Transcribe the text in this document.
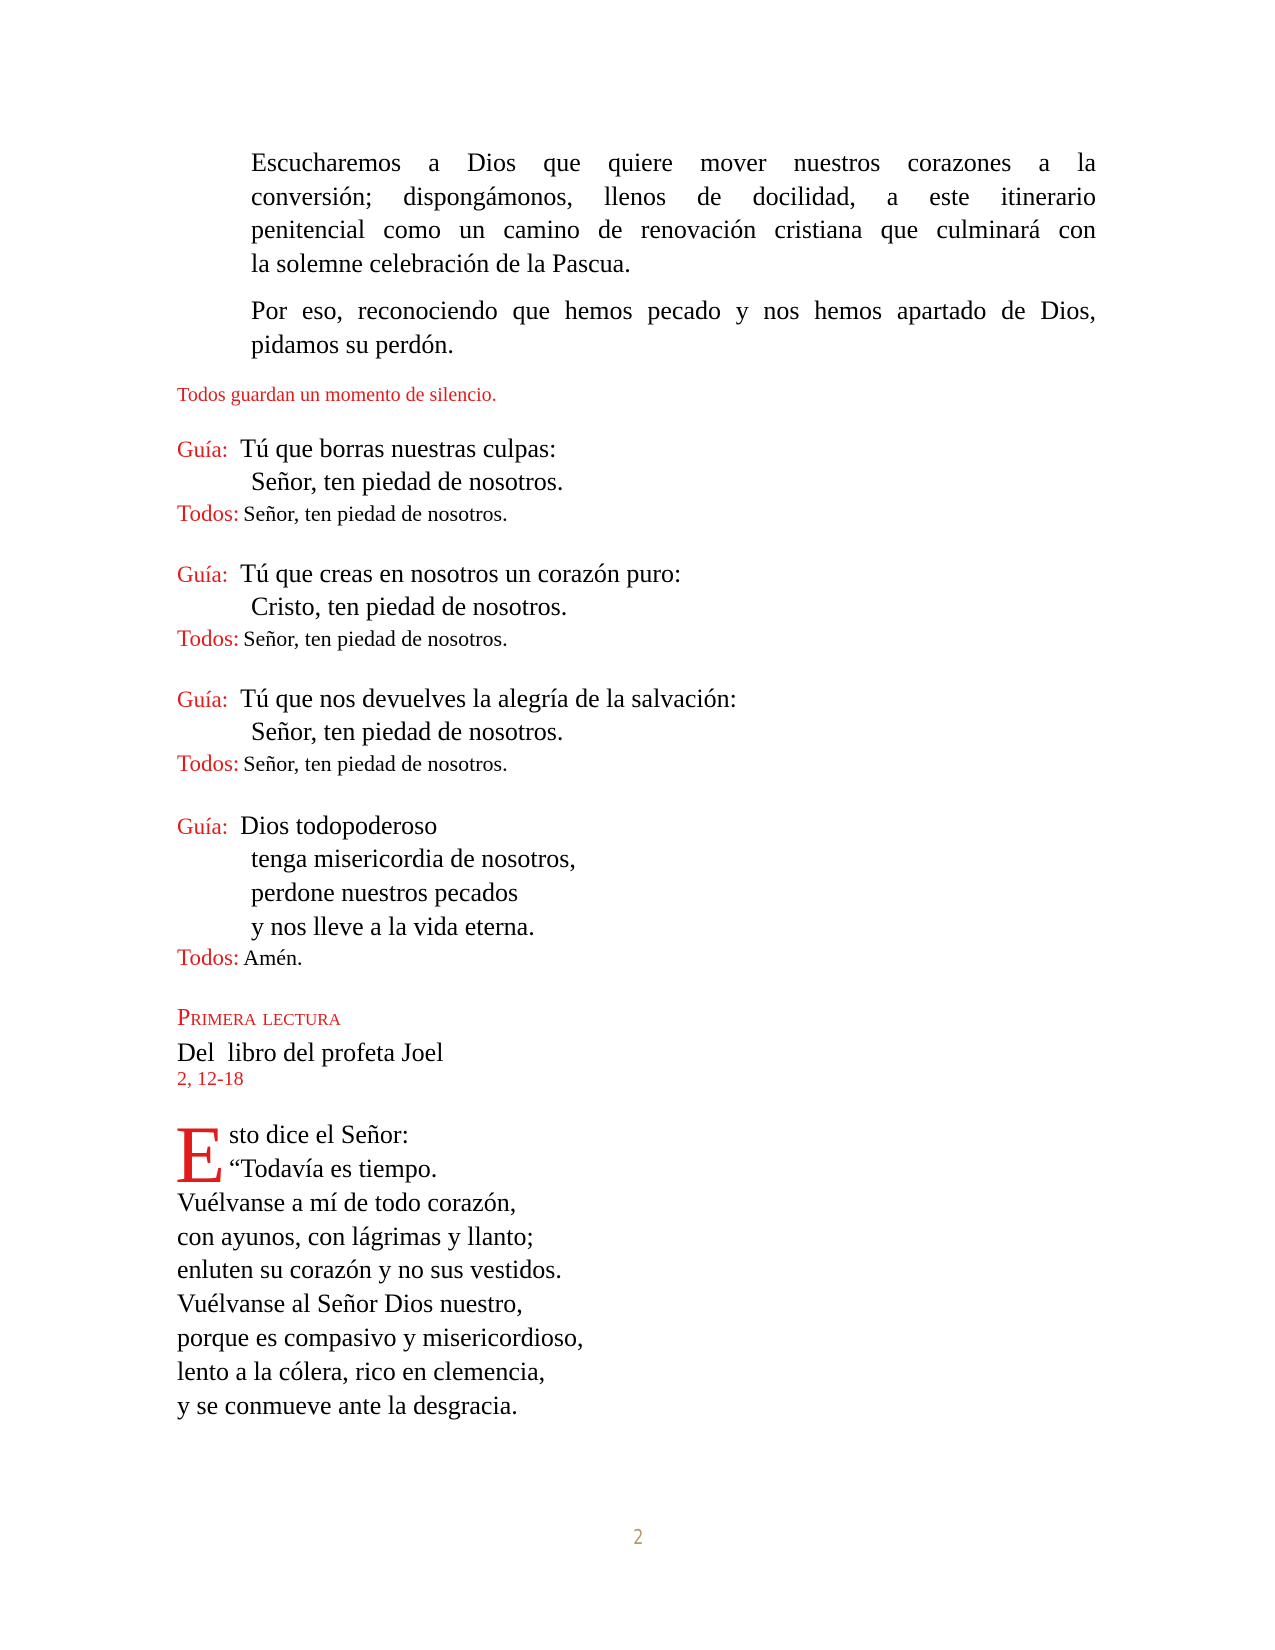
Escucharemos a Dios que quiere mover nuestros corazones a la
conversión; dispongámonos, llenos de docilidad, a este itinerario
penitencial como un camino de renovación cristiana que culminará con
la solemne celebración de la Pascua.
Por eso, reconociendo que hemos pecado y nos hemos apartado de Dios,
pidamos su perdón.
Todos guardan un momento de silencio.
Guía: Tú que borras nuestras culpas:
Señor, ten piedad de nosotros.
Todos: Señor, ten piedad de nosotros.
Guía: Tú que creas en nosotros un corazón puro:
Cristo, ten piedad de nosotros.
Todos: Señor, ten piedad de nosotros.
Guía: Tú que nos devuelves la alegría de la salvación:
Señor, ten piedad de nosotros.
Todos: Señor, ten piedad de nosotros.
Guía: Dios todopoderoso
tenga misericordia de nosotros,
perdone nuestros pecados
y nos lleve a la vida eterna.
Todos: Amén.
Primera lectura
Del  libro del profeta Joel
2, 12-18
E sto dice el Señor:
“Todavía es tiempo.
Vuélvanse a mí de todo corazón,
con ayunos, con lágrimas y llanto;
enluten su corazón y no sus vestidos.
Vuélvanse al Señor Dios nuestro,
porque es compasivo y misericordioso,
lento a la cólera, rico en clemencia,
y se conmueve ante la desgracia.
2
